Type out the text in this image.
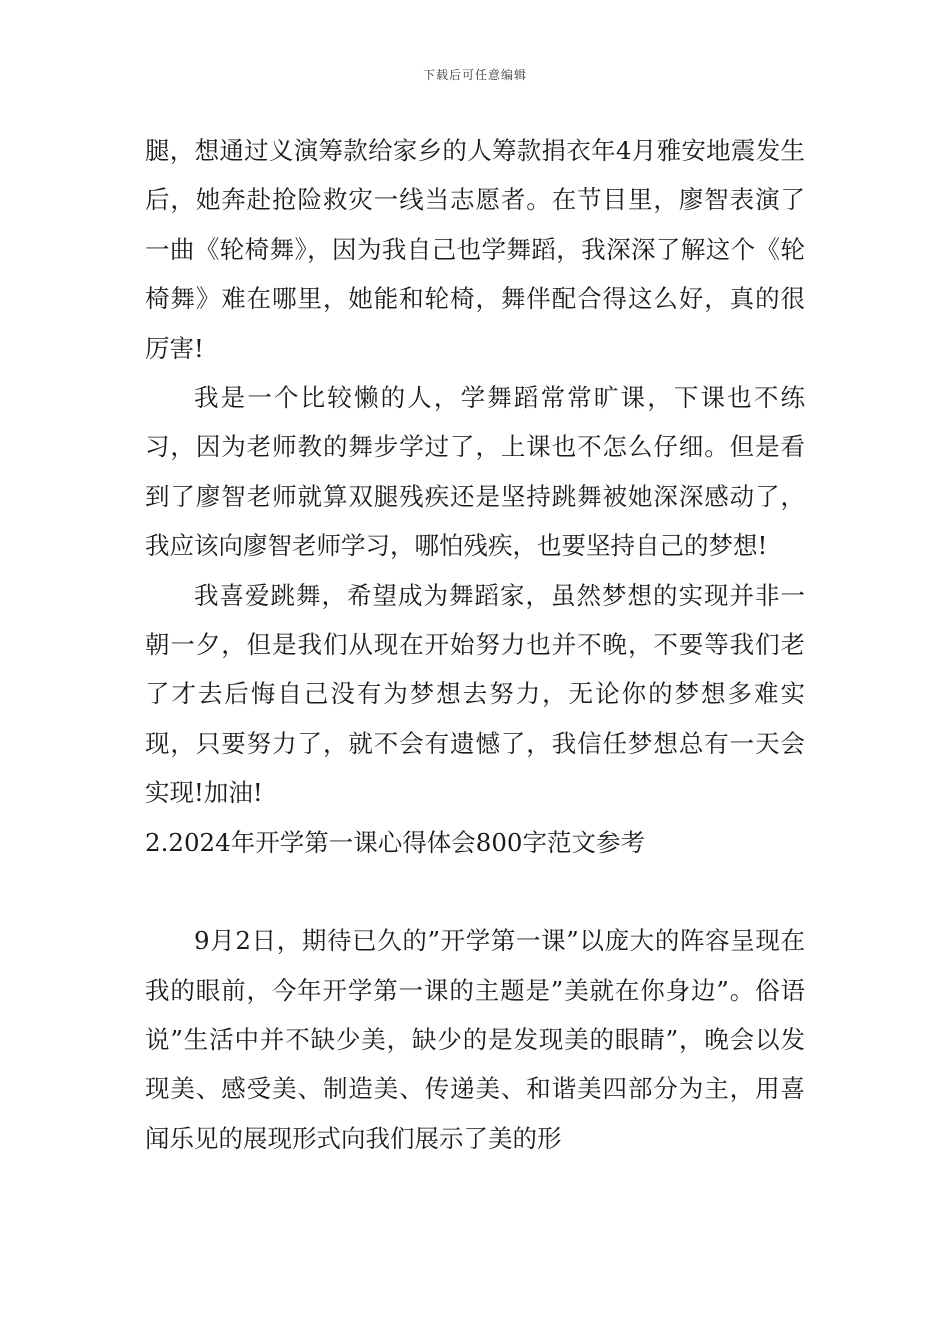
下载后可任意编辑

腿，想通过义演筹款给家乡的人筹款捐衣年4月雅安地震发生后，她奔赴抢险救灾一线当志愿者。在节目里，廖智表演了一曲《轮椅舞》，因为我自己也学舞蹈，我深深了解这个《轮椅舞》难在哪里，她能和轮椅，舞伴配合得这么好，真的很厉害!

我是一个比较懒的人，学舞蹈常常旷课，下课也不练习，因为老师教的舞步学过了，上课也不怎么仔细。但是看到了廖智老师就算双腿残疾还是坚持跳舞被她深深感动了，我应该向廖智老师学习，哪怕残疾，也要坚持自己的梦想!

我喜爱跳舞，希望成为舞蹈家，虽然梦想的实现并非一朝一夕，但是我们从现在开始努力也并不晚，不要等我们老了才去后悔自己没有为梦想去努力，无论你的梦想多难实现，只要努力了，就不会有遗憾了，我信任梦想总有一天会实现!加油!

2.2024年开学第一课心得体会800字范文参考

9月2日，期待已久的”开学第一课”以庞大的阵容呈现在我的眼前，今年开学第一课的主题是”美就在你身边”。俗语说”生活中并不缺少美，缺少的是发现美的眼睛”，晚会以发现美、感受美、制造美、传递美、和谐美四部分为主，用喜闻乐见的展现形式向我们展示了美的形
